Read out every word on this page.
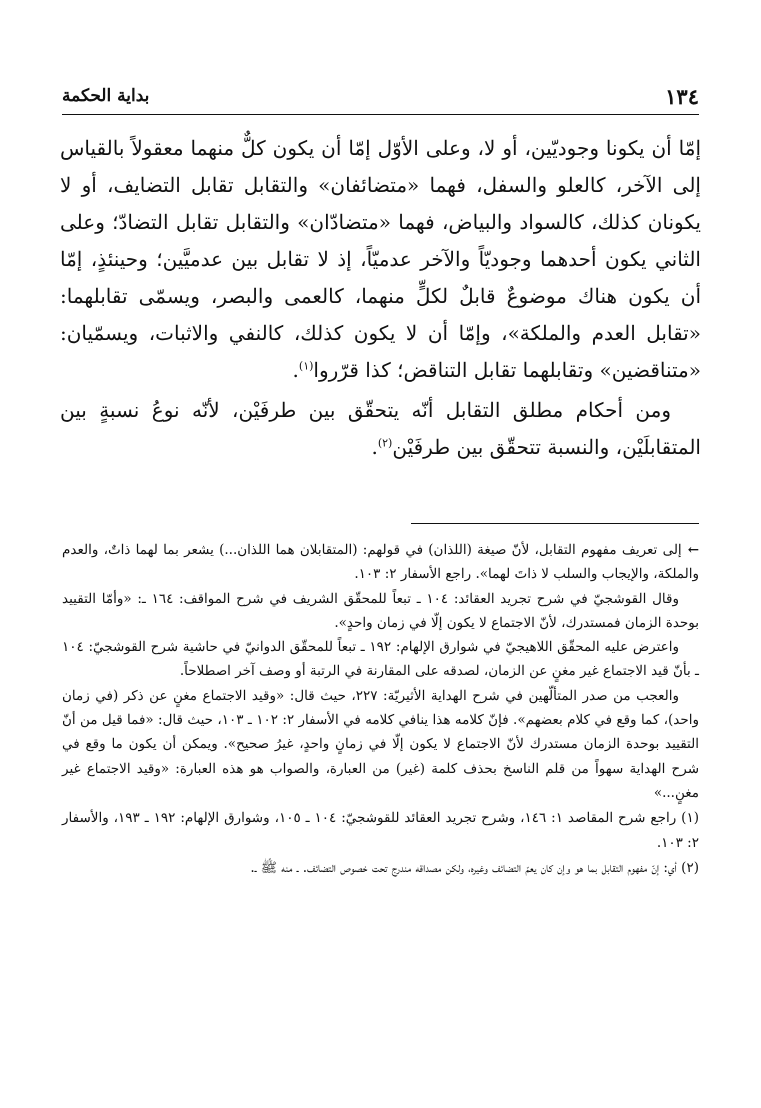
١٣٤
بداية الحكمة

إمّا أن يكونا وجوديّين، أو لا، وعلى الأوّل إمّا أن يكون كلٌّ منهما معقولاً بالقياس إلى الآخر، كالعلو والسفل، فهما «متضائفان» والتقابل تقابل التضايف، أو لا يكونان كذلك، كالسواد والبياض، فهما «متضادّان» والتقابل تقابل التضادّ؛ وعلى الثاني يكون أحدهما وجوديّاً والآخر عدميّاً، إذ لا تقابل بين عدميَّين؛ وحينئذٍ، إمّا أن يكون هناك موضوعٌ قابلٌ لكلٍّ منهما، كالعمى والبصر، ويسمّى تقابلهما: «تقابل العدم والملكة»، وإمّا أن لا يكون كذلك، كالنفي والاثبات، ويسمّيان: «متناقضين» وتقابلهما تقابل التناقض؛ كذا قرّروا$^{(١)}$.

ومن أحكام مطلق التقابل أنّه يتحقّق بين طرفَيْن، لأنّه نوعُ نسبةٍ بين المتقابلَيْن، والنسبة تتحقّق بين طرفَيْن$^{(٢)}$.

←إلى تعريف مفهوم التقابل، لأنّ صيغة (اللذان) في قولهم: (المتقابلان هما اللذان...) يشعر بما لهما ذاتٌ، والعدم والملكة، والإيجاب والسلب لا ذاتَ لهما». راجع الأسفار ٢: ١٠٣.

وقال القوشجيّ في شرح تجريد العقائد: ١٠٤ ـ تبعاً للمحقّق الشريف في شرح المواقف: ١٦٤ ـ: «وأمّا التقييد بوحدة الزمان فمستدرك، لأنّ الاجتماع لا يكون إلّا في زمان واحدٍ».

واعترض عليه المحقّق اللاهيجيّ في شوارق الإلهام: ١٩٢ ـ تبعاً للمحقّق الدوانيّ في حاشية شرح القوشجيّ: ١٠٤ ـ بأنّ قيد الاجتماع غير مغنٍ عن الزمان، لصدقه على المقارنة في الرتبة أو وصف آخر اصطلاحاً.

والعجب من صدر المتألّهين في شرح الهداية الأثيريّة: ٢٢٧، حيث قال: «وقيد الاجتماع مغنٍ عن ذكر (في زمان واحد)، كما وقع في كلام بعضهم». فإنّ كلامه هذا ينافي كلامه في الأسفار ٢: ١٠٢ ـ ١٠٣، حيث قال: «فما قيل من أنّ التقييد بوحدة الزمان مستدرك لأنّ الاجتماع لا يكون إلّا في زمانٍ واحدٍ، غيرُ صحيح». ويمكن أن يكون ما وقع في شرح الهداية سهواً من قلم الناسخ بحذف كلمة (غير) من العبارة، والصواب هو هذه العبارة: «وقيد الاجتماع غير مغنٍ...»

(١) راجع شرح المقاصد ١: ١٤٦، وشرح تجريد العقائد للقوشجيّ: ١٠٤ ـ ١٠٥، وشوارق الإلهام: ١٩٢ ـ ١٩٣، والأسفار ٢: ١٠٣.

(٢) أي: إنّ مفهوم التقابل بما هو وإن كان يعمّ التضائف وغيره، ولكن مصداقه مندرج تحت خصوص التضائف. ـ منه ﷺ ـ.
